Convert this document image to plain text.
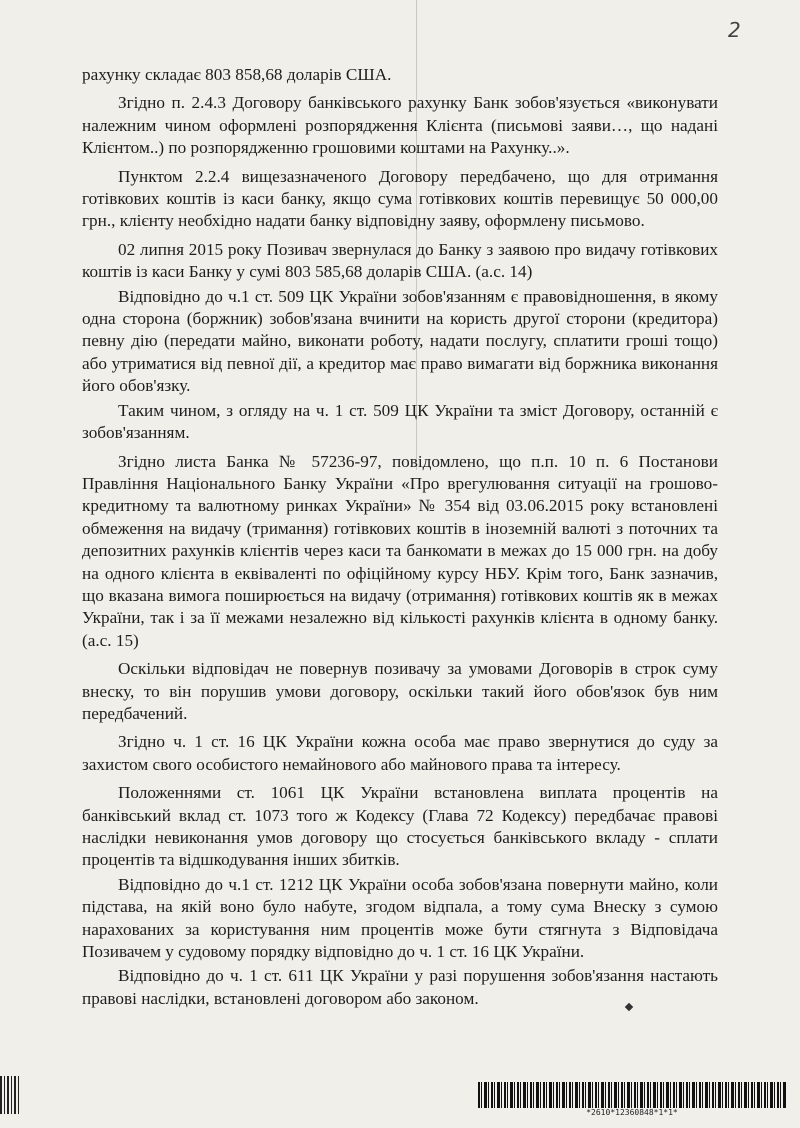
2

рахунку складає 803 858,68 доларів США.

Згідно п. 2.4.3 Договору банківського рахунку Банк зобов'язується «виконувати належним чином оформлені розпорядження Клієнта (письмові заяви…, що надані Клієнтом..) по розпорядженню грошовими коштами на Рахунку..».

Пунктом 2.2.4 вищезазначеного Договору передбачено, що для отримання готівкових коштів із каси банку, якщо сума готівкових коштів перевищує 50 000,00 грн., клієнту необхідно надати банку відповідну заяву, оформлену письмово.

02 липня 2015 року Позивач звернулася до Банку з заявою про видачу готівкових коштів із каси Банку у сумі 803 585,68 доларів США. (а.с. 14)

Відповідно до ч.1 ст. 509 ЦК України зобов'язанням є правовідношення, в якому одна сторона (боржник) зобов'язана вчинити на користь другої сторони (кредитора) певну дію (передати майно, виконати роботу, надати послугу, сплатити гроші тощо) або утриматися від певної дії, а кредитор має право вимагати від боржника виконання його обов'язку.

Таким чином, з огляду на ч. 1 ст. 509 ЦК України та зміст Договору, останній є зобов'язанням.

Згідно листа Банка № 57236-97, повідомлено, що п.п. 10 п. 6 Постанови Правління Національного Банку України «Про врегулювання ситуації на грошово-кредитному та валютному ринках України» № 354 від 03.06.2015 року встановлені обмеження на видачу (тримання) готівкових коштів в іноземній валюті з поточних та депозитних рахунків клієнтів через каси та банкомати в межах до 15 000 грн. на добу на одного клієнта в еквіваленті по офіційному курсу НБУ. Крім того, Банк зазначив, що вказана вимога поширюється на видачу (отримання) готівкових коштів як в межах України, так і за її межами незалежно від кількості рахунків клієнта в одному банку. (а.с. 15)

Оскільки відповідач не повернув позивачу за умовами Договорів в строк суму внеску, то він порушив умови договору, оскільки такий його обов'язок був ним передбачений.

Згідно ч. 1 ст. 16 ЦК України кожна особа має право звернутися до суду за захистом свого особистого немайнового або майнового права та інтересу.

Положеннями ст. 1061 ЦК України встановлена виплата процентів на банківський вклад ст. 1073 того ж Кодексу (Глава 72 Кодексу) передбачає правові наслідки невиконання умов договору що стосується банківського вкладу - сплати процентів та відшкодування інших збитків.

Відповідно до ч.1 ст. 1212 ЦК України особа зобов'язана повернути майно, коли підстава, на якій воно було набуте, згодом відпала, а тому сума Внеску з сумою нарахованих за користування ним процентів може бути стягнута з Відповідача Позивачем у судовому порядку відповідно до ч. 1 ст. 16 ЦК України.

Відповідно до ч. 1 ст. 611 ЦК України у разі порушення зобов'язання настають правові наслідки, встановлені договором або законом.

*2610*12360848*1*1*
